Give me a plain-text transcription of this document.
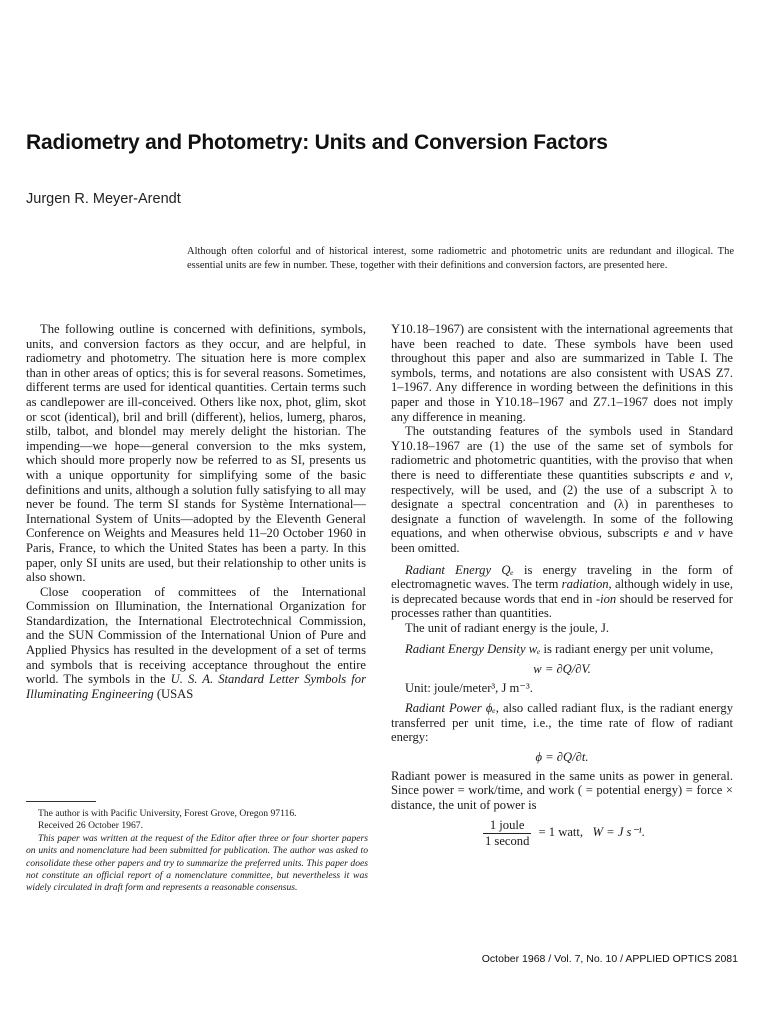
Radiometry and Photometry: Units and Conversion Factors
Jurgen R. Meyer-Arendt
Although often colorful and of historical interest, some radiometric and photometric units are redundant and illogical. The essential units are few in number. These, together with their definitions and conversion factors, are presented here.

The following outline is concerned with definitions, symbols, units, and conversion factors as they occur, and are helpful, in radiometry and photometry. The situation here is more complex than in other areas of optics; this is for several reasons. Sometimes, different terms are used for identical quantities. Certain terms such as candlepower are ill-conceived. Others like nox, phot, glim, skot or scot (identical), bril and brill (different), helios, lumerg, pharos, stilb, talbot, and blondel may merely delight the historian. The impending—we hope—general conversion to the mks system, which should more properly now be referred to as SI, presents us with a unique opportunity for simplifying some of the basic definitions and units, although a solution fully satisfying to all may never be found. The term SI stands for Système International—International System of Units—adopted by the Eleventh General Conference on Weights and Measures held 11–20 October 1960 in Paris, France, to which the United States has been a party. In this paper, only SI units are used, but their relationship to other units is also shown.

Close cooperation of committees of the International Commission on Illumination, the International Organization for Standardization, the International Electrotechnical Commission, and the SUN Commission of the International Union of Pure and Applied Physics has resulted in the development of a set of terms and symbols that is receiving acceptance throughout the entire world. The symbols in the U. S. A. Standard Letter Symbols for Illuminating Engineering (USAS

The author is with Pacific University, Forest Grove, Oregon 97116.

Received 26 October 1967.

This paper was written at the request of the Editor after three or four shorter papers on units and nomenclature had been submitted for publication. The author was asked to consolidate these other papers and try to summarize the preferred units. This paper does not constitute an official report of a nomenclature committee, but nevertheless it was widely circulated in draft form and represents a reasonable consensus.

Y10.18–1967) are consistent with the international agreements that have been reached to date. These symbols have been used throughout this paper and also are summarized in Table I. The symbols, terms, and notations are also consistent with USAS Z7. 1–1967. Any difference in wording between the definitions in this paper and those in Y10.18–1967 and Z7.1–1967 does not imply any difference in meaning.

The outstanding features of the symbols used in Standard Y10.18–1967 are (1) the use of the same set of symbols for radiometric and photometric quantities, with the proviso that when there is need to differentiate these quantities subscripts e and v, respectively, will be used, and (2) the use of a subscript λ to designate a spectral concentration and (λ) in parentheses to designate a function of wavelength. In some of the following equations, and when otherwise obvious, subscripts e and v have been omitted.

Radiant Energy Qₑ is energy traveling in the form of electromagnetic waves. The term radiation, although widely in use, is deprecated because words that end in -ion should be reserved for processes rather than quantities.

The unit of radiant energy is the joule, J.

Radiant Energy Density wₑ is radiant energy per unit volume,

w = ∂Q/∂V.
Unit: joule/meter³, J m⁻³.

Radiant Power ϕₑ, also called radiant flux, is the radiant energy transferred per unit time, i.e., the time rate of flow of radiant energy:

ϕ = ∂Q/∂t.

Radiant power is measured in the same units as power in general. Since power = work/time, and work ( = potential energy) = force × distance, the unit of power is

$\frac{\text{1 joule}}{\text{1 second}} = 1$ watt, W = J s⁻¹.
October 1968 / Vol. 7, No. 10 / APPLIED OPTICS 2081
